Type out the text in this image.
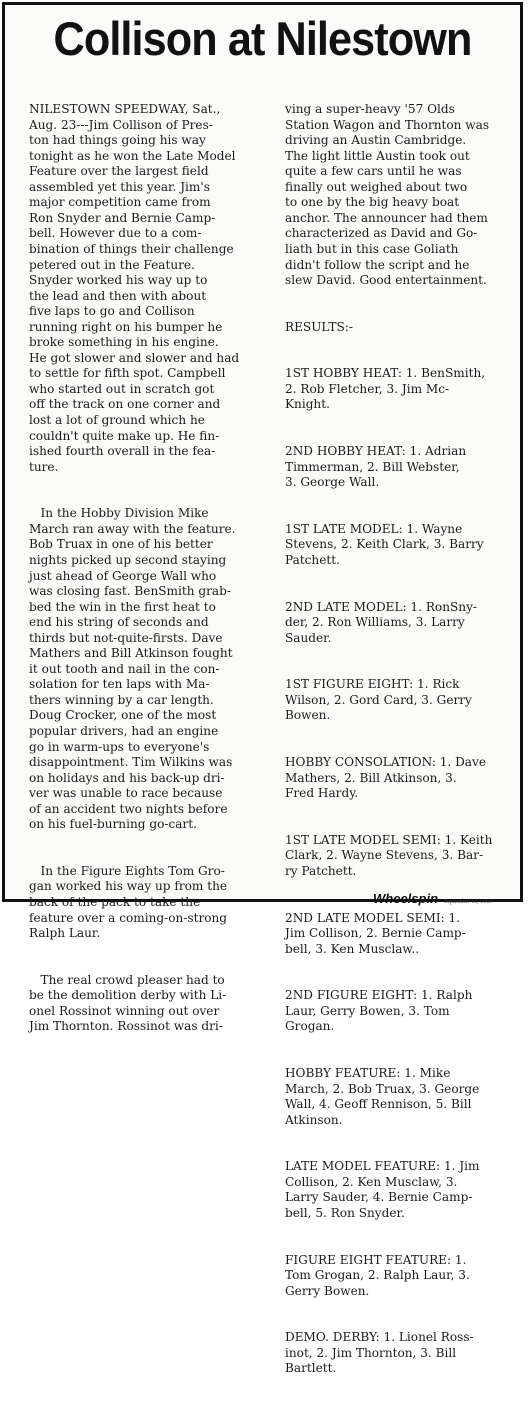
Collison at Nilestown

NILESTOWN SPEEDWAY, Sat.,
Aug. 23---Jim Collison of Pres-
ton had things going his way
tonight as he won the Late Model
Feature over the largest field
assembled yet this year. Jim's
major competition came from
Ron Snyder and Bernie Camp-
bell. However due to a com-
bination of things their challenge
petered out in the Feature.
Snyder worked his way up to
the lead and then with about
five laps to go and Collison
running right on his bumper he
broke something in his engine.
He got slower and slower and had
to settle for fifth spot. Campbell
who started out in scratch got
off the track on one corner and
lost a lot of ground which he
couldn't quite make up. He fin-
ished fourth overall in the fea-
ture.

In the Hobby Division Mike
March ran away with the feature.
Bob Truax in one of his better
nights picked up second staying
just ahead of George Wall who
was closing fast. BenSmith grab-
bed the win in the first heat to
end his string of seconds and
thirds but not-quite-firsts. Dave
Mathers and Bill Atkinson fought
it out tooth and nail in the con-
solation for ten laps with Ma-
thers winning by a car length.
Doug Crocker, one of the most
popular drivers, had an engine
go in warm-ups to everyone's
disappointment. Tim Wilkins was
on holidays and his back-up dri-
ver was unable to race because
of an accident two nights before
on his fuel-burning go-cart.

In the Figure Eights Tom Gro-
gan worked his way up from the
back of the pack to take the
feature over a coming-on-strong
Ralph Laur.

The real crowd pleaser had to
be the demolition derby with Li-
onel Rossinot winning out over
Jim Thornton. Rossinot was dri-

ving a super-heavy '57 Olds
Station Wagon and Thornton was
driving an Austin Cambridge.
The light little Austin took out
quite a few cars until he was
finally out weighed about two
to one by the big heavy boat
anchor. The announcer had them
characterized as David and Go-
liath but in this case Goliath
didn't follow the script and he
slew David. Good entertainment.

RESULTS:-

1ST HOBBY HEAT: 1. BenSmith,
2. Rob Fletcher, 3. Jim Mc-
Knight.

2ND HOBBY HEAT: 1. Adrian
Timmerman, 2. Bill Webster,
3. George Wall.

1ST LATE MODEL: 1. Wayne
Stevens, 2. Keith Clark, 3. Barry
Patchett.

2ND LATE MODEL: 1. RonSny-
der, 2. Ron Williams, 3. Larry
Sauder.

1ST FIGURE EIGHT: 1. Rick
Wilson, 2. Gord Card, 3. Gerry
Bowen.

HOBBY CONSOLATION: 1. Dave
Mathers, 2. Bill Atkinson, 3.
Fred Hardy.

1ST LATE MODEL SEMI: 1. Keith
Clark, 2. Wayne Stevens, 3. Bar-
ry Patchett.

2ND LATE MODEL SEMI: 1.
Jim Collison, 2. Bernie Camp-
bell, 3. Ken Musclaw..

2ND FIGURE EIGHT: 1. Ralph
Laur, Gerry Bowen, 3. Tom
Grogan.

HOBBY FEATURE: 1. Mike
March, 2. Bob Truax, 3. George
Wall, 4. Geoff Rennison, 5. Bill
Atkinson.

LATE MODEL FEATURE: 1. Jim
Collison, 2. Ken Musclaw, 3.
Larry Sauder, 4. Bernie Camp-
bell, 5. Ron Snyder.

FIGURE EIGHT FEATURE: 1.
Tom Grogan, 2. Ralph Laur, 3.
Gerry Bowen.

DEMO. DERBY: 1. Lionel Ross-
inot, 2. Jim Thornton, 3. Bill
Bartlett.

Wheelspin September 18, 1969
